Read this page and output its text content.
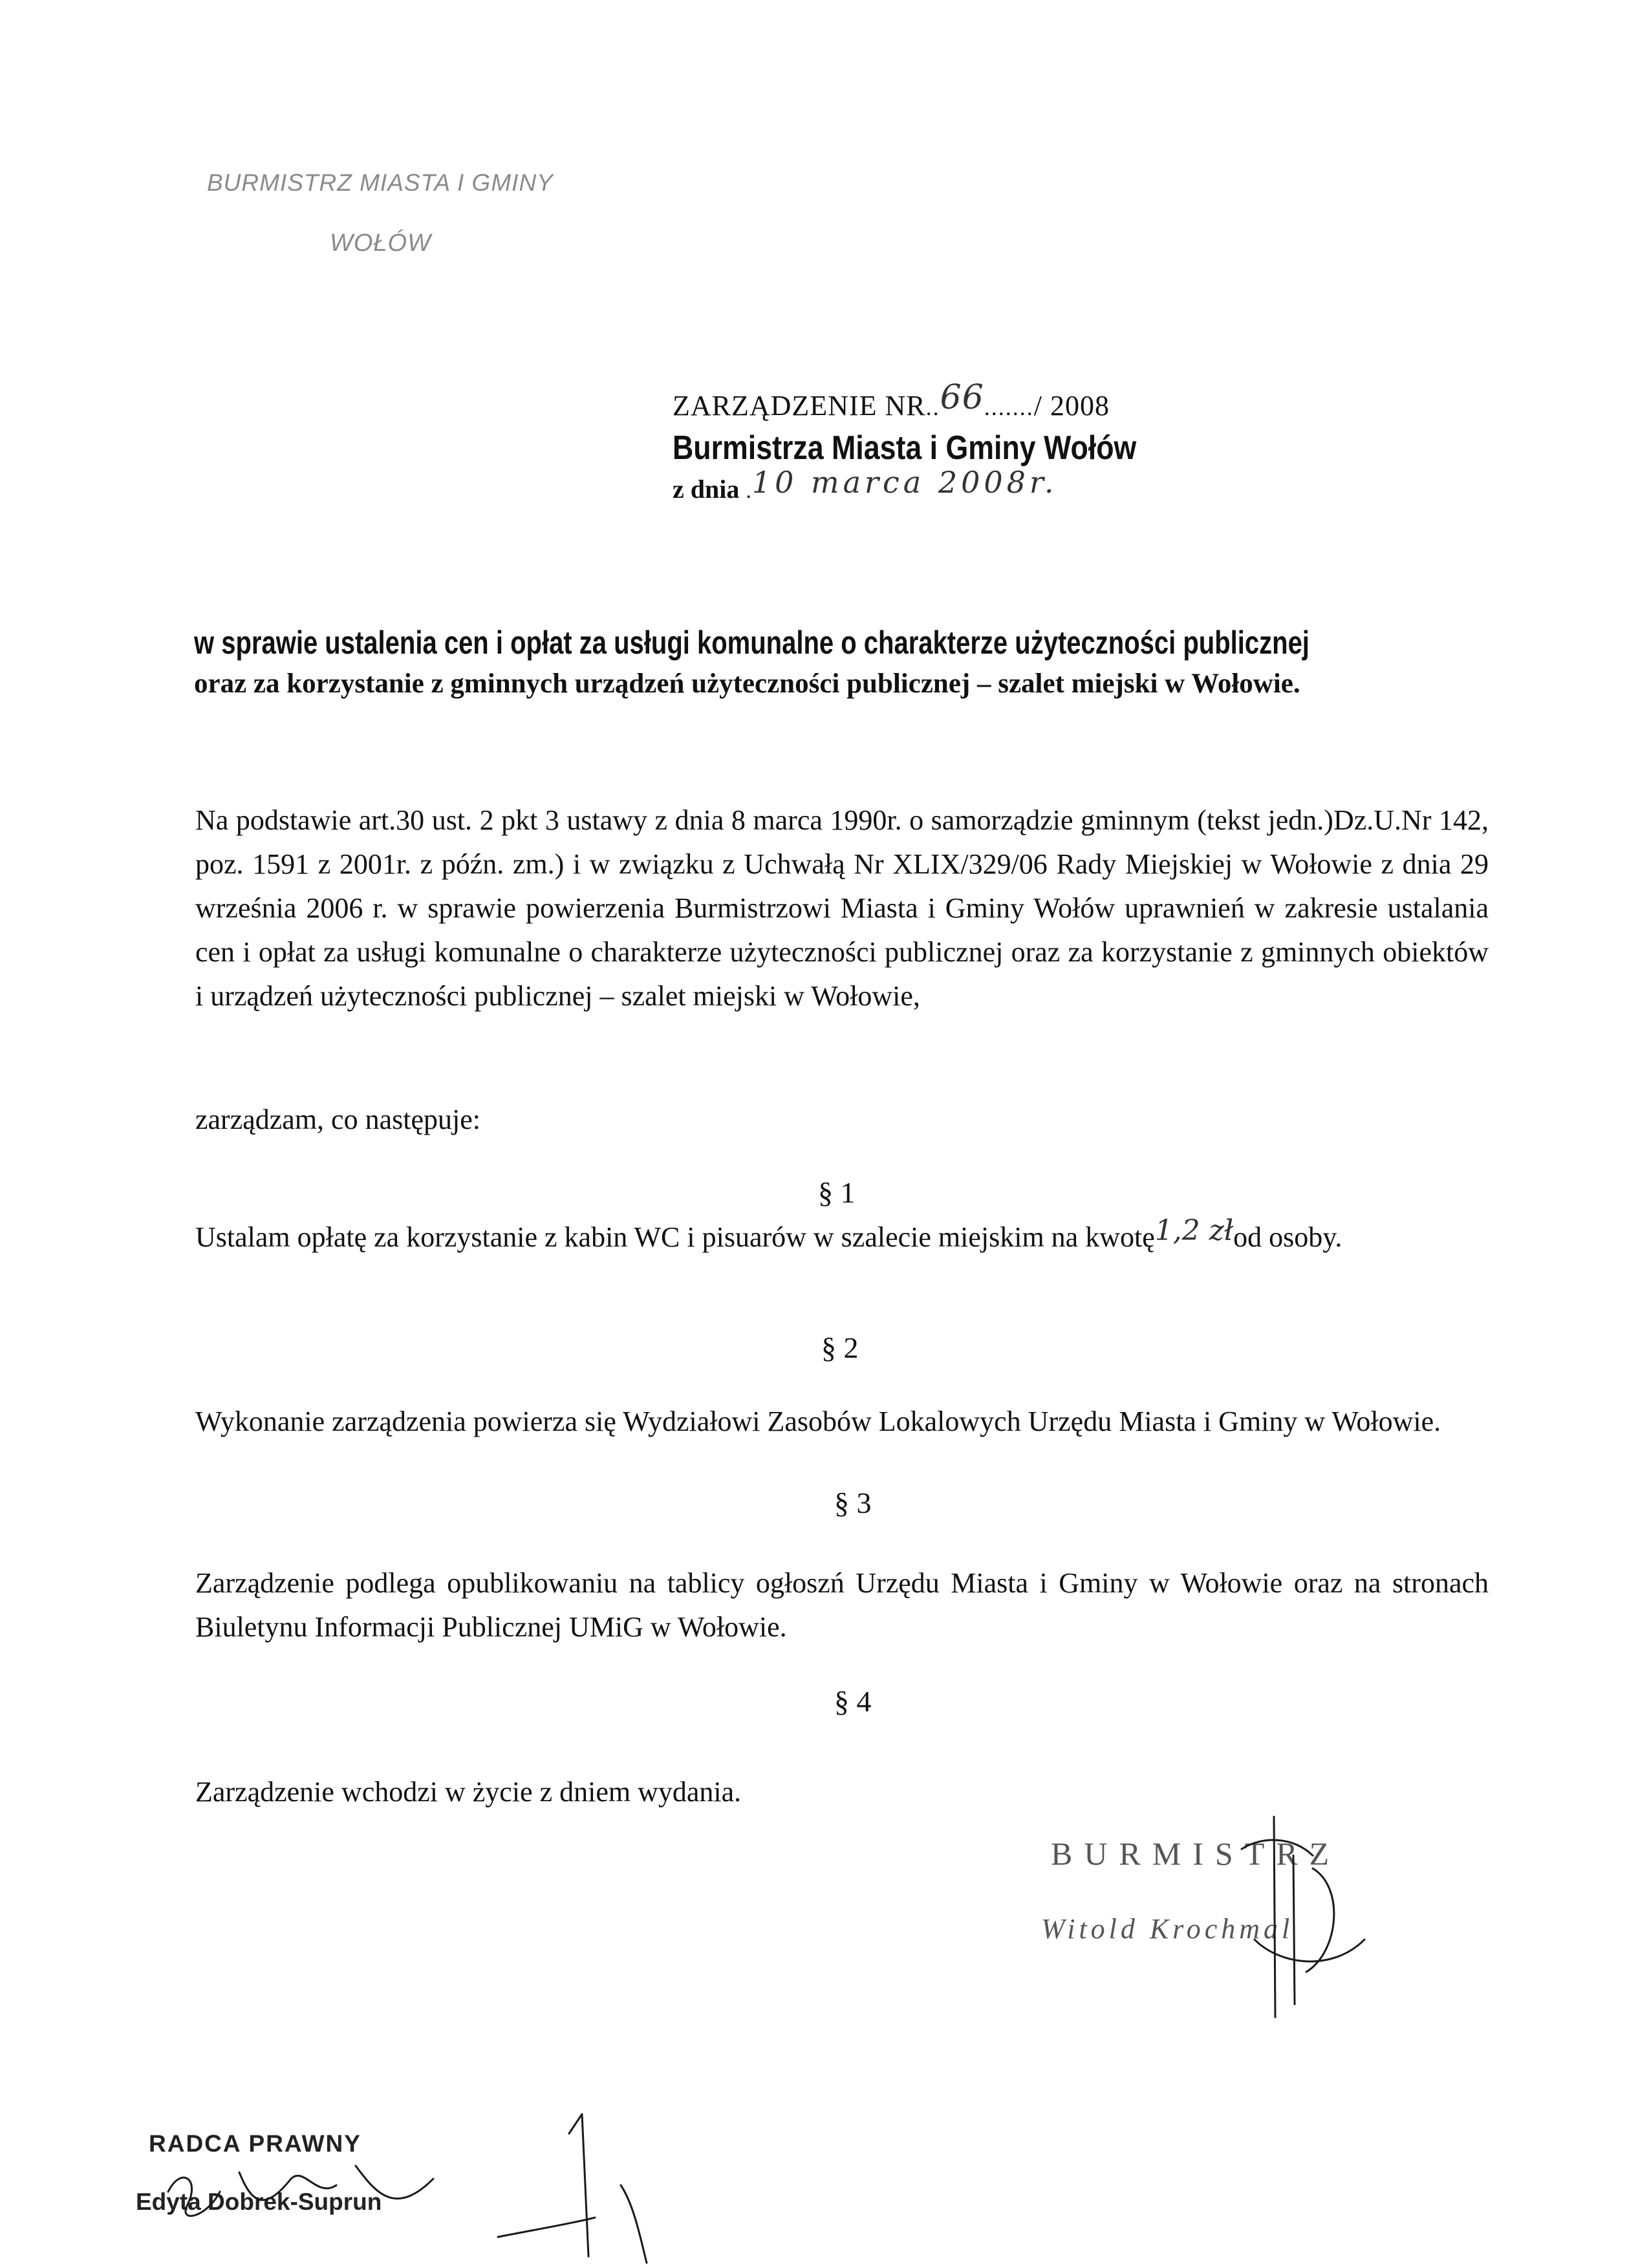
BURMISTRZ MIASTA I GMINY
WOŁÓW
ZARZĄDZENIE NR..66......./ 2008
Burmistrza Miasta i Gminy Wołów
z dnia .10 marca 2008r.
w sprawie ustalenia cen i opłat za usługi komunalne o charakterze użyteczności publicznej
oraz za korzystanie z gminnych urządzeń użyteczności publicznej – szalet miejski w Wołowie.
Na podstawie art.30 ust. 2 pkt 3 ustawy z dnia 8 marca 1990r. o samorządzie gminnym (tekst jedn.)Dz.U.Nr 142, poz. 1591 z 2001r. z późn. zm.) i w związku z Uchwałą Nr XLIX/329/06 Rady Miejskiej w Wołowie z dnia 29 września 2006 r. w sprawie powierzenia Burmistrzowi Miasta i Gminy Wołów uprawnień w zakresie ustalania cen i opłat za usługi komunalne o charakterze użyteczności publicznej oraz za korzystanie z gminnych obiektów i urządzeń użyteczności publicznej – szalet miejski w Wołowie,
zarządzam, co następuje:
§ 1
Ustalam opłatę za korzystanie z kabin WC i pisuarów w szalecie miejskim na kwotę1,2 złod osoby.
§ 2
Wykonanie zarządzenia powierza się Wydziałowi Zasobów Lokalowych Urzędu Miasta i Gminy w Wołowie.
§ 3
Zarządzenie podlega opublikowaniu na tablicy ogłoszń Urzędu Miasta i Gminy w Wołowie oraz na stronach Biuletynu Informacji Publicznej UMiG w Wołowie.
§ 4
Zarządzenie wchodzi w życie z dniem wydania.
BURMISTRZ
Witold Krochmal
RADCA PRAWNY
Edyta Dobrek-Suprun
